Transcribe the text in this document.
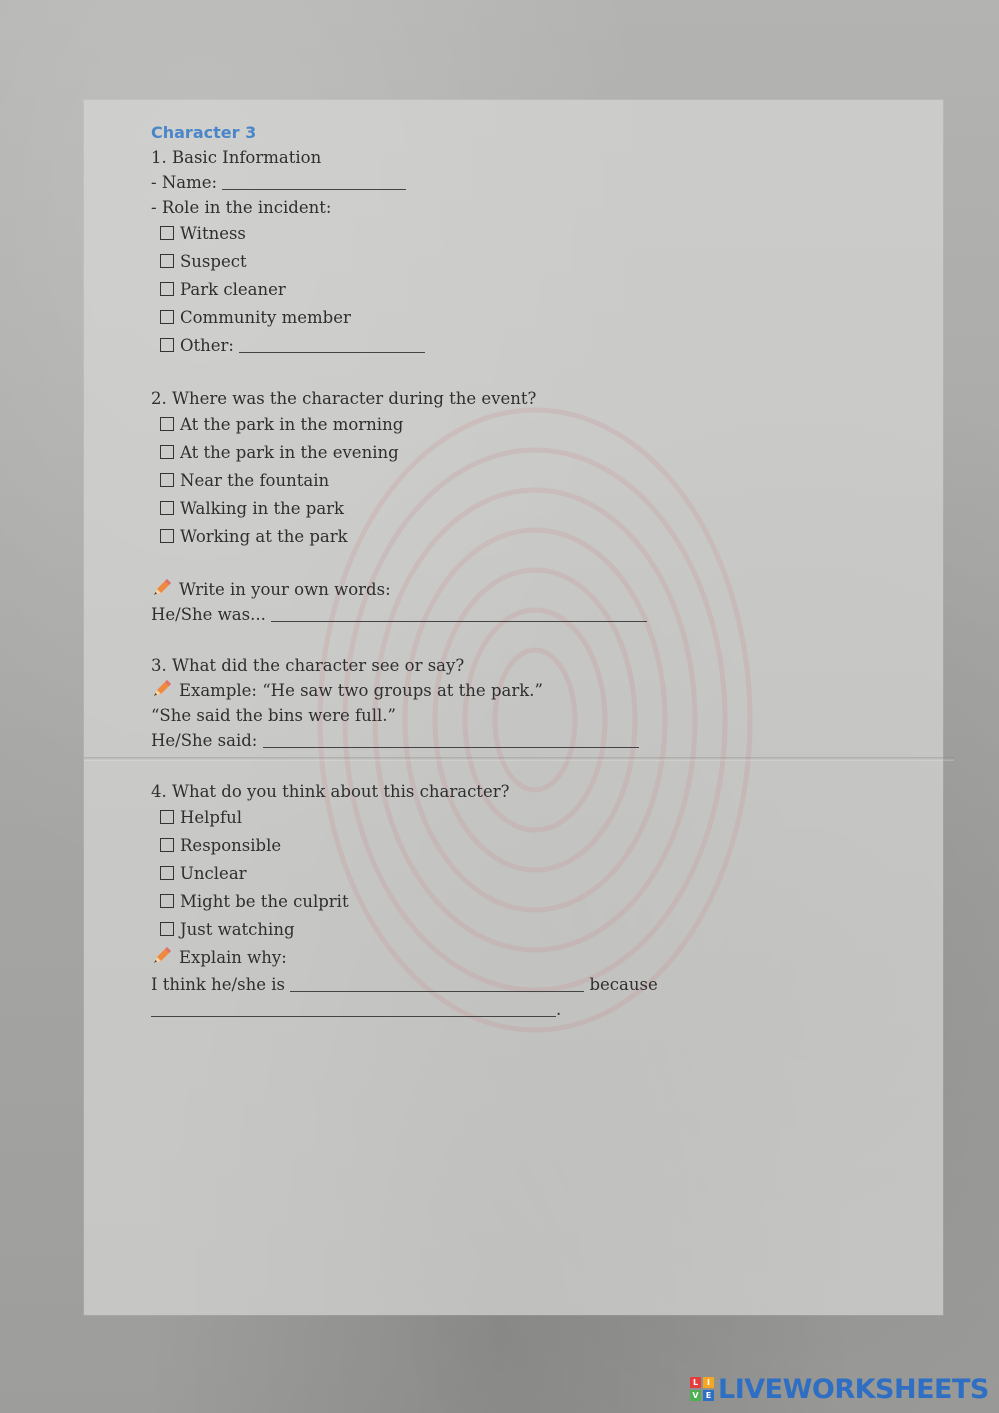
Character 3
1. Basic Information
- Name:
- Role in the incident:
Witness
Suspect
Park cleaner
Community member
Other:
2. Where was the character during the event?
At the park in the morning
At the park in the evening
Near the fountain
Walking in the park
Working at the park
Write in your own words:
He/She was...
3. What did the character see or say?
Example: “He saw two groups at the park.”
“She said the bins were full.”
He/She said:
4. What do you think about this character?
Helpful
Responsible
Unclear
Might be the culprit
Just watching
Explain why:
I think he/she is	because
.
L	I
V E LIVEWORKSHEETS
